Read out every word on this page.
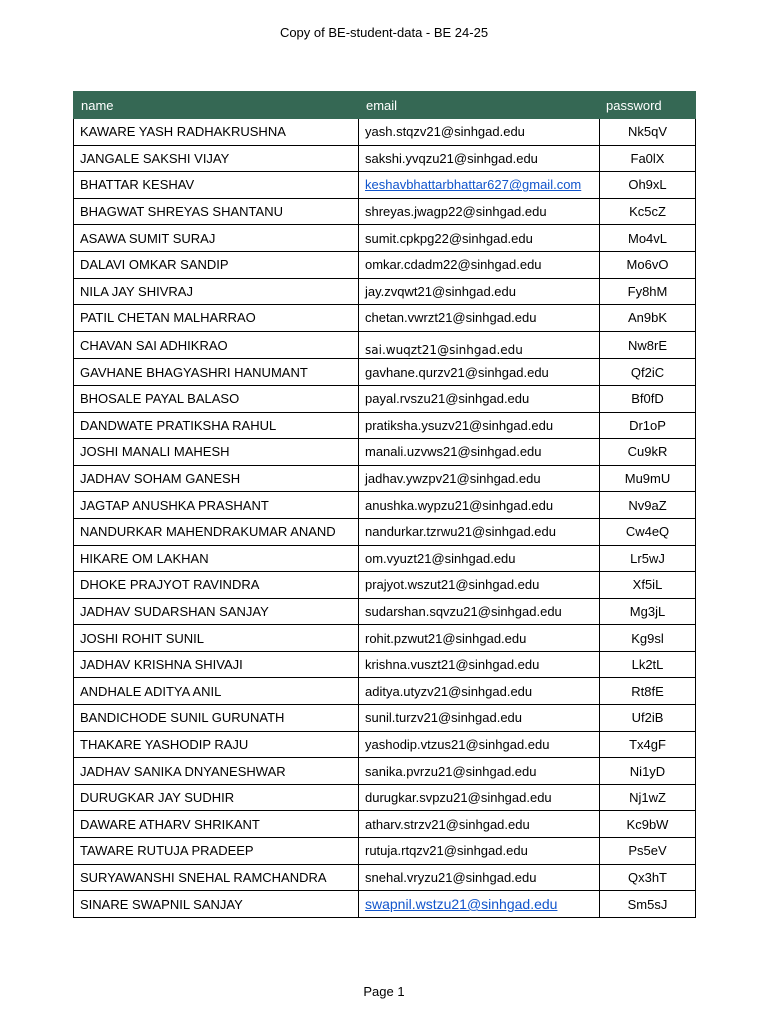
Copy of BE-student-data - BE 24-25
name	email	password
KAWARE YASH RADHAKRUSHNA	yash.stqzv21@sinhgad.edu	Nk5qV
JANGALE SAKSHI VIJAY	sakshi.yvqzu21@sinhgad.edu	Fa0lX
BHATTAR KESHAV	keshavbhattarbhattar627@gmail.com	Oh9xL
BHAGWAT SHREYAS SHANTANU	shreyas.jwagp22@sinhgad.edu	Kc5cZ
ASAWA SUMIT SURAJ	sumit.cpkpg22@sinhgad.edu	Mo4vL
DALAVI OMKAR SANDIP	omkar.cdadm22@sinhgad.edu	Mo6vO
NILA JAY SHIVRAJ	jay.zvqwt21@sinhgad.edu	Fy8hM
PATIL CHETAN MALHARRAO	chetan.vwrzt21@sinhgad.edu	An9bK
CHAVAN SAI ADHIKRAO	sai.wuqzt21@sinhgad.edu	Nw8rE
GAVHANE BHAGYASHRI HANUMANT	gavhane.qurzv21@sinhgad.edu	Qf2iC
BHOSALE PAYAL BALASO	payal.rvszu21@sinhgad.edu	Bf0fD
DANDWATE PRATIKSHA RAHUL	pratiksha.ysuzv21@sinhgad.edu	Dr1oP
JOSHI MANALI MAHESH	manali.uzvws21@sinhgad.edu	Cu9kR
JADHAV SOHAM GANESH	jadhav.ywzpv21@sinhgad.edu	Mu9mU
JAGTAP ANUSHKA PRASHANT	anushka.wypzu21@sinhgad.edu	Nv9aZ
NANDURKAR MAHENDRAKUMAR ANAND	nandurkar.tzrwu21@sinhgad.edu	Cw4eQ
HIKARE OM LAKHAN	om.vyuzt21@sinhgad.edu	Lr5wJ
DHOKE PRAJYOT RAVINDRA	prajyot.wszut21@sinhgad.edu	Xf5iL
JADHAV SUDARSHAN SANJAY	sudarshan.sqvzu21@sinhgad.edu	Mg3jL
JOSHI ROHIT SUNIL	rohit.pzwut21@sinhgad.edu	Kg9sl
JADHAV KRISHNA SHIVAJI	krishna.vuszt21@sinhgad.edu	Lk2tL
ANDHALE ADITYA ANIL	aditya.utyzv21@sinhgad.edu	Rt8fE
BANDICHODE SUNIL GURUNATH	sunil.turzv21@sinhgad.edu	Uf2iB
THAKARE YASHODIP RAJU	yashodip.vtzus21@sinhgad.edu	Tx4gF
JADHAV SANIKA DNYANESHWAR	sanika.pvrzu21@sinhgad.edu	Ni1yD
DURUGKAR JAY SUDHIR	durugkar.svpzu21@sinhgad.edu	Nj1wZ
DAWARE ATHARV SHRIKANT	atharv.strzv21@sinhgad.edu	Kc9bW
TAWARE RUTUJA PRADEEP	rutuja.rtqzv21@sinhgad.edu	Ps5eV
SURYAWANSHI SNEHAL RAMCHANDRA	snehal.vryzu21@sinhgad.edu	Qx3hT
SINARE SWAPNIL SANJAY	swapnil.wstzu21@sinhgad.edu	Sm5sJ
Page 1
